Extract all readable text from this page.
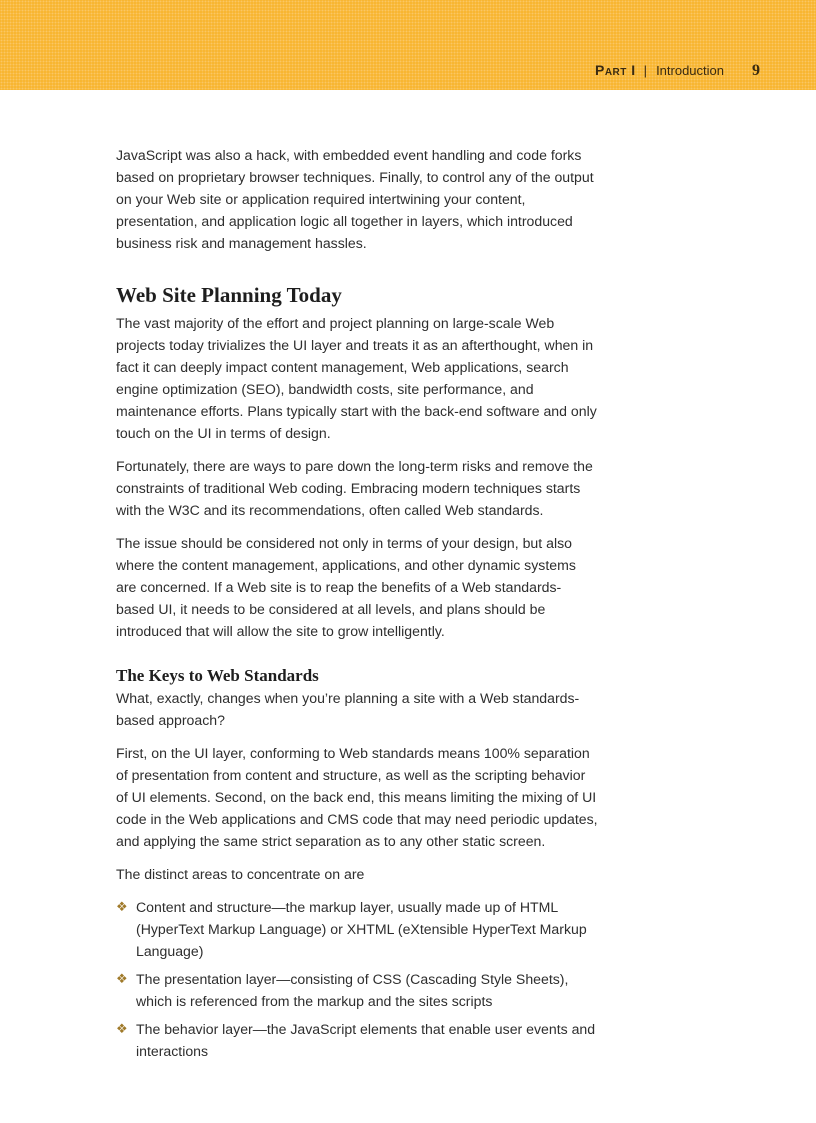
Part I | Introduction 9

JavaScript was also a hack, with embedded event handling and code forks based on proprietary browser techniques. Finally, to control any of the output on your Web site or application required intertwining your content, presentation, and application logic all together in layers, which introduced business risk and management hassles.

Web Site Planning Today

The vast majority of the effort and project planning on large-scale Web projects today trivializes the UI layer and treats it as an afterthought, when in fact it can deeply impact content management, Web applications, search engine optimization (SEO), bandwidth costs, site performance, and maintenance efforts. Plans typically start with the back-end software and only touch on the UI in terms of design.

Fortunately, there are ways to pare down the long-term risks and remove the constraints of traditional Web coding. Embracing modern techniques starts with the W3C and its recommendations, often called Web standards.

The issue should be considered not only in terms of your design, but also where the content management, applications, and other dynamic systems are concerned. If a Web site is to reap the benefits of a Web standards-based UI, it needs to be considered at all levels, and plans should be introduced that will allow the site to grow intelligently.

The Keys to Web Standards

What, exactly, changes when you’re planning a site with a Web standards-based approach?

First, on the UI layer, conforming to Web standards means 100% separation of presentation from content and structure, as well as the scripting behavior of UI elements. Second, on the back end, this means limiting the mixing of UI code in the Web applications and CMS code that may need periodic updates, and applying the same strict separation as to any other static screen.

The distinct areas to concentrate on are

❖ Content and structure—the markup layer, usually made up of HTML (HyperText Markup Language) or XHTML (eXtensible HyperText Markup Language)
❖ The presentation layer—consisting of CSS (Cascading Style Sheets), which is referenced from the markup and the sites scripts
❖ The behavior layer—the JavaScript elements that enable user events and interactions
